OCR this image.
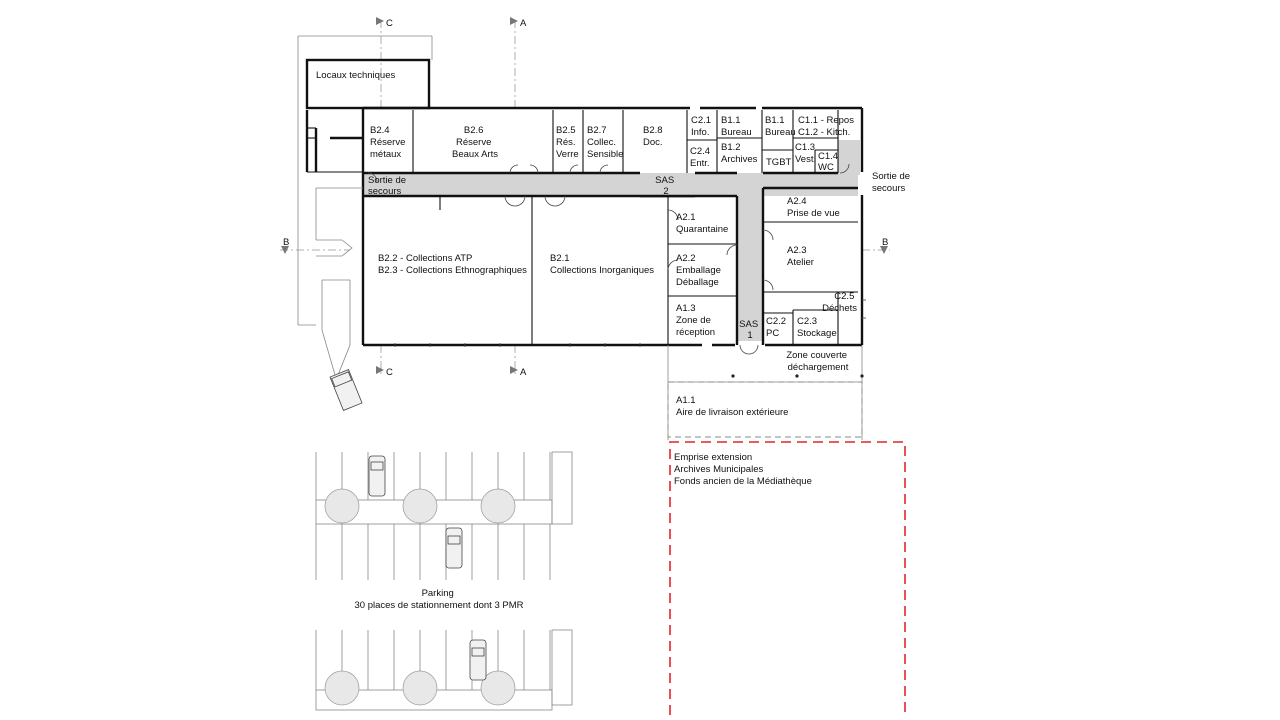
C	A
C	A
B	B
Locaux techniques
B2.4 Réserve métaux
B2.6 Réserve Beaux Arts
B2.5 Rés. Verre
B2.7 Collec. Sensible
B2.8 Doc.
C2.1 Info.
C2.4 Entr.
B1.1 Bureau
B1.2 Archives
B1.1 Bureau
C1.1 - Repos
C1.2 - Kitch.
C1.3 Vest. C1.4 WC
TGBT
Sortie de secours
Sortie de secours
SAS 2
SAS 1
B2.2 - Collections ATP B2.3 - Collections Ethnographiques
B2.1 Collections Inorganiques
A2.1 Quarantaine
A2.2 Emballage Déballage
A1.3 Zone de réception
A2.4 Prise de vue
A2.3 Atelier
C2.5 Déchets
C2.2 PC
C2.3 Stockage
Zone couverte déchargement
A1.1 Aire de livraison extérieure
Emprise extension Archives Municipales Fonds ancien de la Médiathèque
Parking 30 places de stationnement dont 3 PMR
